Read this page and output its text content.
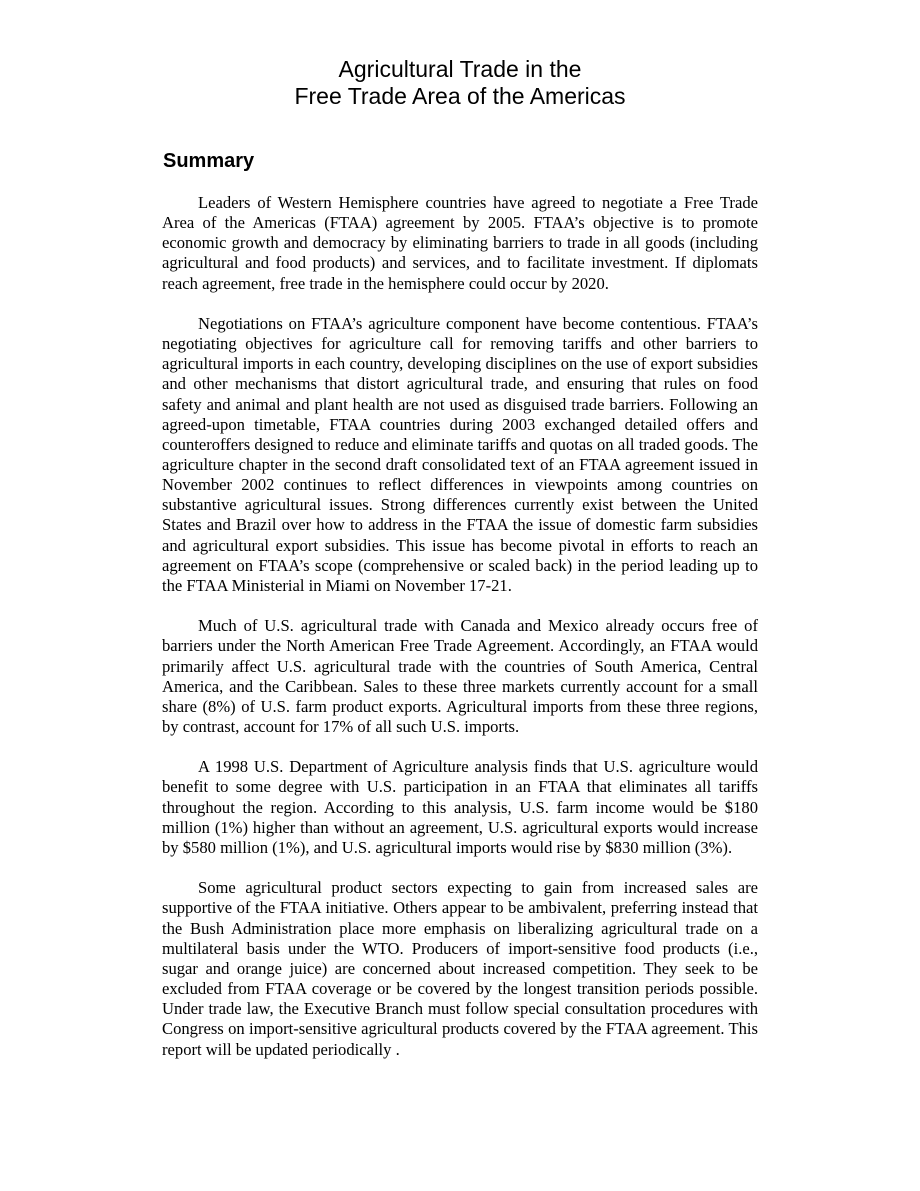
Agricultural Trade in the
Free Trade Area of the Americas
Summary

Leaders of Western Hemisphere countries have agreed to negotiate a Free Trade Area of the Americas (FTAA) agreement by 2005. FTAA’s objective is to promote economic growth and democracy by eliminating barriers to trade in all goods (including agricultural and food products) and services, and to facilitate investment. If diplomats reach agreement, free trade in the hemisphere could occur by 2020.

Negotiations on FTAA’s agriculture component have become contentious. FTAA’s negotiating objectives for agriculture call for removing tariffs and other barriers to agricultural imports in each country, developing disciplines on the use of export subsidies and other mechanisms that distort agricultural trade, and ensuring that rules on food safety and animal and plant health are not used as disguised trade barriers. Following an agreed-upon timetable, FTAA countries during 2003 exchanged detailed offers and counteroffers designed to reduce and eliminate tariffs and quotas on all traded goods. The agriculture chapter in the second draft consolidated text of an FTAA agreement issued in November 2002 continues to reflect differences in viewpoints among countries on substantive agricultural issues. Strong differences currently exist between the United States and Brazil over how to address in the FTAA the issue of domestic farm subsidies and agricultural export subsidies. This issue has become pivotal in efforts to reach an agreement on FTAA’s scope (comprehensive or scaled back) in the period leading up to the FTAA Ministerial in Miami on November 17-21.

Much of U.S. agricultural trade with Canada and Mexico already occurs free of barriers under the North American Free Trade Agreement. Accordingly, an FTAA would primarily affect U.S. agricultural trade with the countries of South America, Central America, and the Caribbean. Sales to these three markets currently account for a small share (8%) of U.S. farm product exports. Agricultural imports from these three regions, by contrast, account for 17% of all such U.S. imports.

A 1998 U.S. Department of Agriculture analysis finds that U.S. agriculture would benefit to some degree with U.S. participation in an FTAA that eliminates all tariffs throughout the region. According to this analysis, U.S. farm income would be $180 million (1%) higher than without an agreement, U.S. agricultural exports would increase by $580 million (1%), and U.S. agricultural imports would rise by $830 million (3%).

Some agricultural product sectors expecting to gain from increased sales are supportive of the FTAA initiative. Others appear to be ambivalent, preferring instead that the Bush Administration place more emphasis on liberalizing agricultural trade on a multilateral basis under the WTO. Producers of import-sensitive food products (i.e., sugar and orange juice) are concerned about increased competition. They seek to be excluded from FTAA coverage or be covered by the longest transition periods possible. Under trade law, the Executive Branch must follow special consultation procedures with Congress on import-sensitive agricultural products covered by the FTAA agreement. This report will be updated periodically .
